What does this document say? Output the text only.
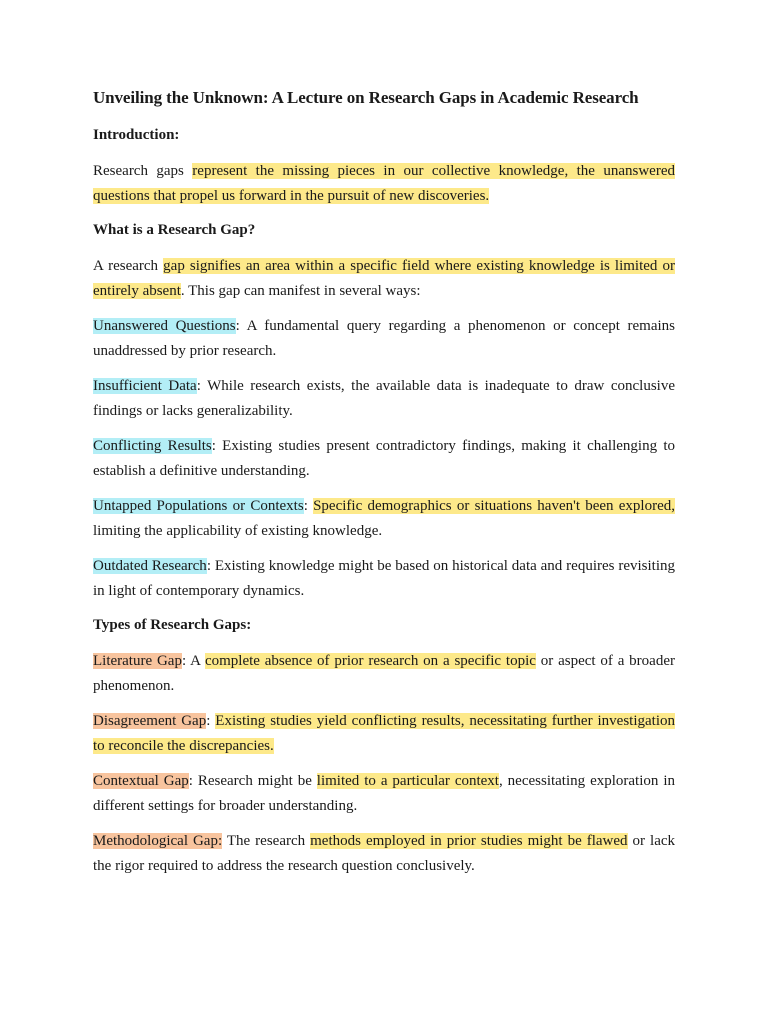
Unveiling the Unknown: A Lecture on Research Gaps in Academic Research
Introduction:

Research gaps represent the missing pieces in our collective knowledge, the unanswered questions that propel us forward in the pursuit of new discoveries.

What is a Research Gap?

A research gap signifies an area within a specific field where existing knowledge is limited or entirely absent. This gap can manifest in several ways:

Unanswered Questions: A fundamental query regarding a phenomenon or concept remains unaddressed by prior research.

Insufficient Data: While research exists, the available data is inadequate to draw conclusive findings or lacks generalizability.

Conflicting Results: Existing studies present contradictory findings, making it challenging to establish a definitive understanding.

Untapped Populations or Contexts: Specific demographics or situations haven't been explored, limiting the applicability of existing knowledge.

Outdated Research: Existing knowledge might be based on historical data and requires revisiting in light of contemporary dynamics.

Types of Research Gaps:

Literature Gap: A complete absence of prior research on a specific topic or aspect of a broader phenomenon.

Disagreement Gap: Existing studies yield conflicting results, necessitating further investigation to reconcile the discrepancies.

Contextual Gap: Research might be limited to a particular context, necessitating exploration in different settings for broader understanding.

Methodological Gap: The research methods employed in prior studies might be flawed or lack the rigor required to address the research question conclusively.
